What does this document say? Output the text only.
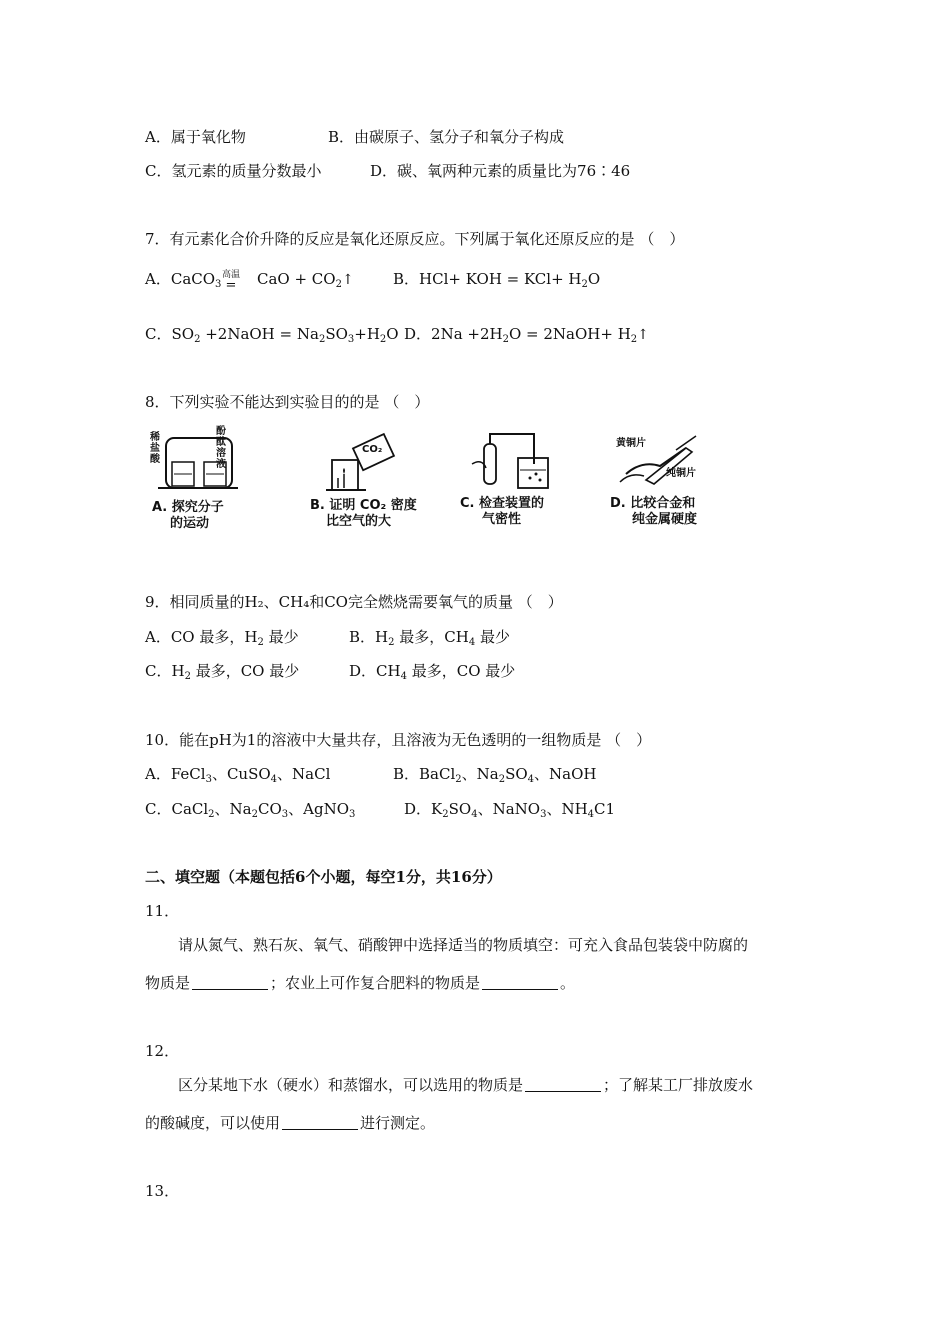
A．属于氧化物	B．由碳原子、氢分子和氧分子构成
C．氢元素的质量分数最小	D．碳、氧两种元素的质量比为76∶46
7．有元素化合价升降的反应是氧化还原反应。下列属于氧化还原反应的是 （　）
A．CaCO$_3$  CaO + $CO_2↑$
高温
=	B．HCl+ KOH = $KCl+ H_2O$
C．$SO_2$ +2NaOH = $Na_2SO_3+H_2O$ D．$2Na +2H_2O$ = 2NaOH+ $H_2↑$
8．下列实验不能达到实验目的的是 （　）
稀盐酸
酚酞溶液
A. 探究分子
的运动
CO₂
B. 证明 CO₂ 密度
比空气的大
C. 检查装置的
气密性
黄铜片
纯铜片
D. 比较合金和
纯金属硬度
9．相同质量的H₂、CH₄和CO完全燃烧需要氧气的质量 （　）
A．CO 最多，$H_2$ 最少	B．$H_2$ 最多，$CH_4$ 最少
C．$H_2$ 最多，CO 最少	D．$CH_4$ 最多，CO 最少
10．能在pH为1的溶液中大量共存，且溶液为无色透明的一组物质是 （　）
A．FeCl$_3$、CuSO$_4$、NaCl	B．BaCl$_2$、$Na_2SO_4$、NaOH
C．CaCl$_2$、$Na_2CO_3$、AgNO$_3$	D．$K_2SO_4$、NaNO$_3$、$NH_4C1$
二、填空题（本题包括6个小题，每空1分，共16分）
11．
请从氮气、熟石灰、氧气、硝酸钾中选择适当的物质填空：可充入食品包装袋中防腐的
物质是	；农业上可作复合肥料的物质是	。
12．
区分某地下水（硬水）和蒸馏水，可以选用的物质是	；了解某工厂排放废水
的酸碱度，可以使用	进行测定。
13．
